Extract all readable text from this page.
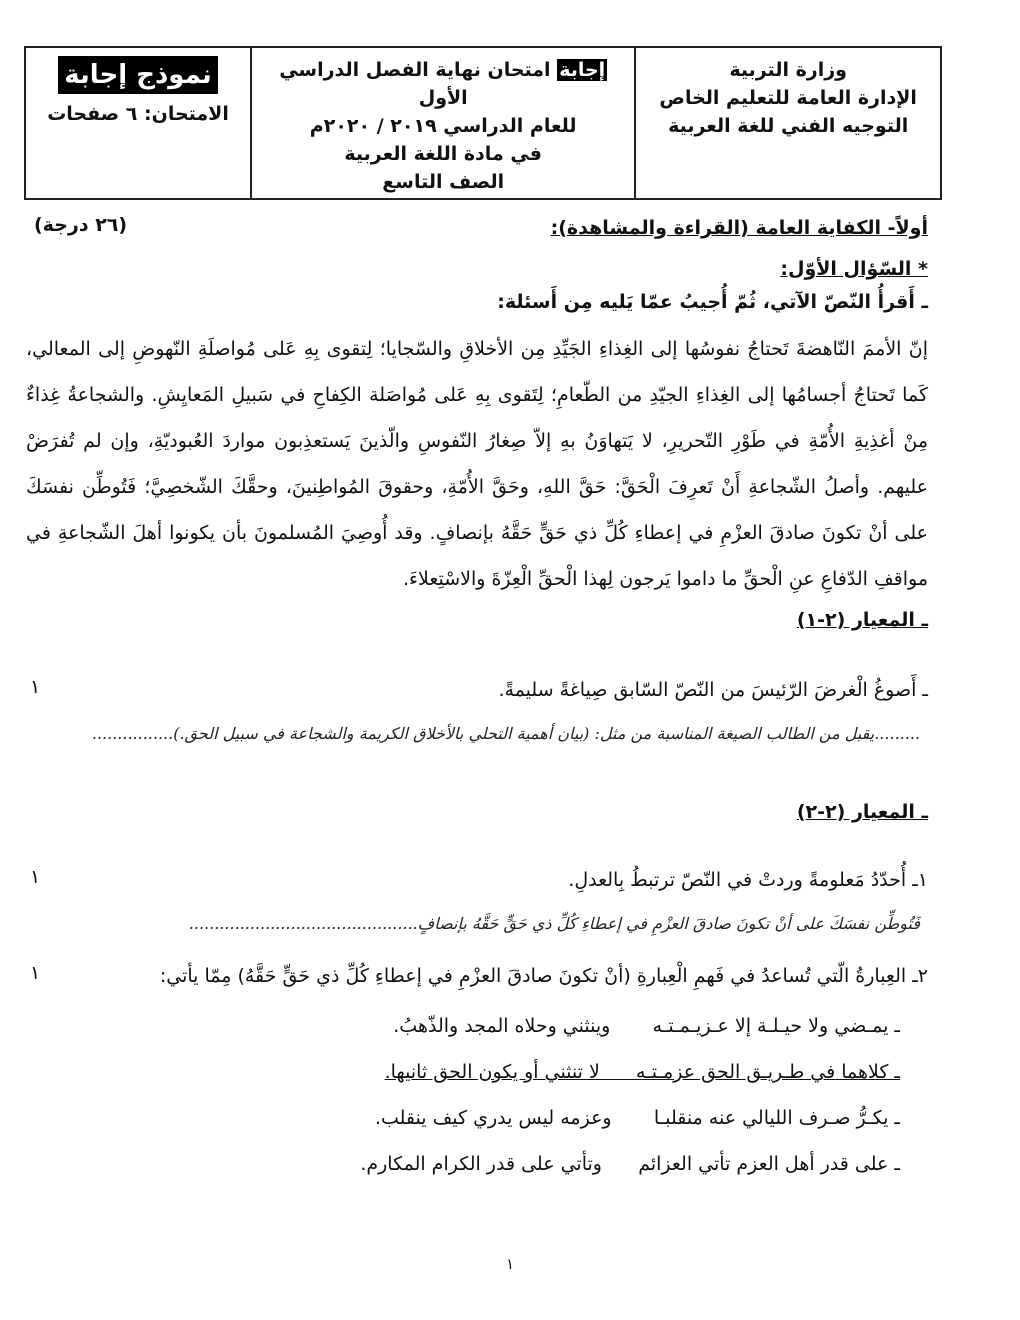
وزارة التربية
الإدارة العامة للتعليم الخاص
التوجيه الفني للغة العربية
إجابة امتحان نهاية الفصل الدراسي الأول
للعام الدراسي ٢٠١٩ / ٢٠٢٠م
في مادة اللغة العربية
الصف التاسع
نموذج إجابة
الامتحان: ٦ صفحات
أولاً- الكفاية العامة (القراءة والمشاهدة):
(٢٦ درجة)
* السّؤال الأوّل:
ـ أَقرأُ النّصّ الآتي، ثُمّ أُجيبُ عمّا يَليه مِن أَسئلة:
إنّ الأممَ النّاهضةَ تَحتاجُ نفوسُها إلى الغِذاءِ الجَيِّدِ مِن الأخلاقِ والسّجايا؛ لِتقوى بِهِ عَلى مُواصلَةِ النّهوضِ إلى المعالي، كَما تَحتاجُ أجسامُها إلى الغِذاءِ الجيّدِ من الطّعامِ؛ لِتَقوى بِهِ عَلى مُواصَلة الكِفاحِ في سَبيلِ المَعايِشِ. والشجاعةُ غِذاءٌ مِنْ أغذِيةِ الأُمّةِ في طَوْرِ التّحريرِ، لا يَتهاوَنُ بهِ إلاّ صِغارُ النّفوسِ والّذينَ يَستعذِبون مواردَ العُبوديّةِ، وإن لم تُفرَضْ عليهم. وأصلُ الشّجاعةِ أَنْ تَعرِفَ الْحَقَّ: حَقَّ اللهِ، وحَقَّ الأُمّةِ، وحقوقَ المُواطِنينَ، وحقَّكَ الشّخصِيَّ؛ فَتُوطِّن نفسَكَ على أنْ تكونَ صادقَ العزْمِ في إعطاءِ كُلِّ ذي حَقٍّ حَقَّهُ بإنصافٍ. وقد أُوصِيَ المُسلمونَ بأن يكونوا أهلَ الشّجاعةِ في مواقفِ الدّفاعِ عنِ الْحقِّ ما داموا يَرجون لِهذا الْحقِّ الْعِزّةَ والاسْتِعلاءَ.
ـ المعيار (٢-١)
ـ أَصوغُ الْغرضَ الرّئيسَ من النّصّ السّابق صِياغةً سليمةً.
١
.........يقبل من الطالب الصيغة المناسبة من مثل: (بيان أهمية التحلي بالأخلاق الكريمة والشجاعة في سبيل الحق.)................
ـ المعيار (٢-٢)
١ـ أُحدّدُ مَعلومةً وردتْ في النّصّ ترتبطُ بِالعدلِ.
١
فَتُوطِّن نفسَكَ على أنْ تكونَ صادقَ العزْمِ في إعطاءِ كُلِّ ذي حَقٍّ حَقَّهُ بإنصافٍ.............................................
٢ـ العِبارةُ الّتي تُساعدُ في فَهمِ الْعِبارةِ (أنْ تكونَ صادقَ العزْمِ في إعطاءِ كُلِّ ذي حَقٍّ حَقَّهُ) مِمّا يأتي:
١
ـ يمـضي ولا حيـلـة إلا عـزيـمـتـه       وينثني وحلاه المجد والذّهبُ.
ـ كلاهما في طـريـق الحق عزمـتـه      لا تنثني أو يكون الحق ثانيها.
ـ يكـرُّ صـرف الليالي عنه منقلبـا       وعزمه ليس يدري كيف ينقلب.
ـ على قدر أهل العزم تأتي العزائم      وتأتي على قدر الكرام المكارم.
١
